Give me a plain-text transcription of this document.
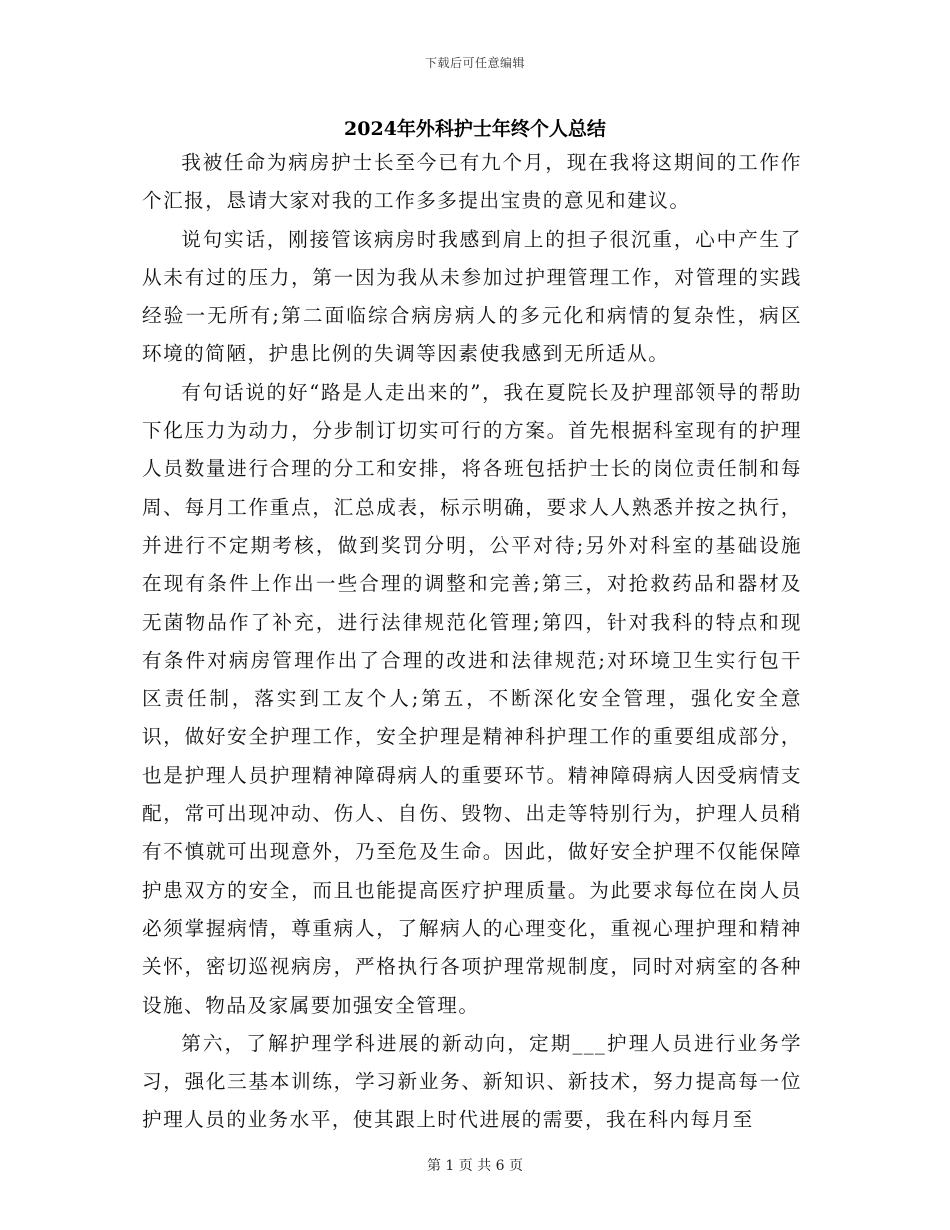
下载后可任意编辑
2024年外科护士年终个人总结

我被任命为病房护士长至今已有九个月，现在我将这期间的工作作个汇报，恳请大家对我的工作多多提出宝贵的意见和建议。

说句实话，刚接管该病房时我感到肩上的担子很沉重，心中产生了从未有过的压力，第一因为我从未参加过护理管理工作，对管理的实践经验一无所有;第二面临综合病房病人的多元化和病情的复杂性，病区环境的简陋，护患比例的失调等因素使我感到无所适从。

有句话说的好“路是人走出来的”，我在夏院长及护理部领导的帮助下化压力为动力，分步制订切实可行的方案。首先根据科室现有的护理人员数量进行合理的分工和安排，将各班包括护士长的岗位责任制和每周、每月工作重点，汇总成表，标示明确，要求人人熟悉并按之执行，并进行不定期考核，做到奖罚分明，公平对待;另外对科室的基础设施在现有条件上作出一些合理的调整和完善;第三，对抢救药品和器材及无菌物品作了补充，进行法律规范化管理;第四，针对我科的特点和现有条件对病房管理作出了合理的改进和法律规范;对环境卫生实行包干区责任制，落实到工友个人;第五，不断深化安全管理，强化安全意识，做好安全护理工作，安全护理是精神科护理工作的重要组成部分，也是护理人员护理精神障碍病人的重要环节。精神障碍病人因受病情支配，常可出现冲动、伤人、自伤、毁物、出走等特别行为，护理人员稍有不慎就可出现意外，乃至危及生命。因此，做好安全护理不仅能保障护患双方的安全，而且也能提高医疗护理质量。为此要求每位在岗人员必须掌握病情，尊重病人，了解病人的心理变化，重视心理护理和精神关怀，密切巡视病房，严格执行各项护理常规制度，同时对病室的各种设施、物品及家属要加强安全管理。

第六，了解护理学科进展的新动向，定期___护理人员进行业务学习，强化三基本训练，学习新业务、新知识、新技术，努力提高每一位护理人员的业务水平，使其跟上时代进展的需要，我在科内每月至

第 1 页 共 6 页
